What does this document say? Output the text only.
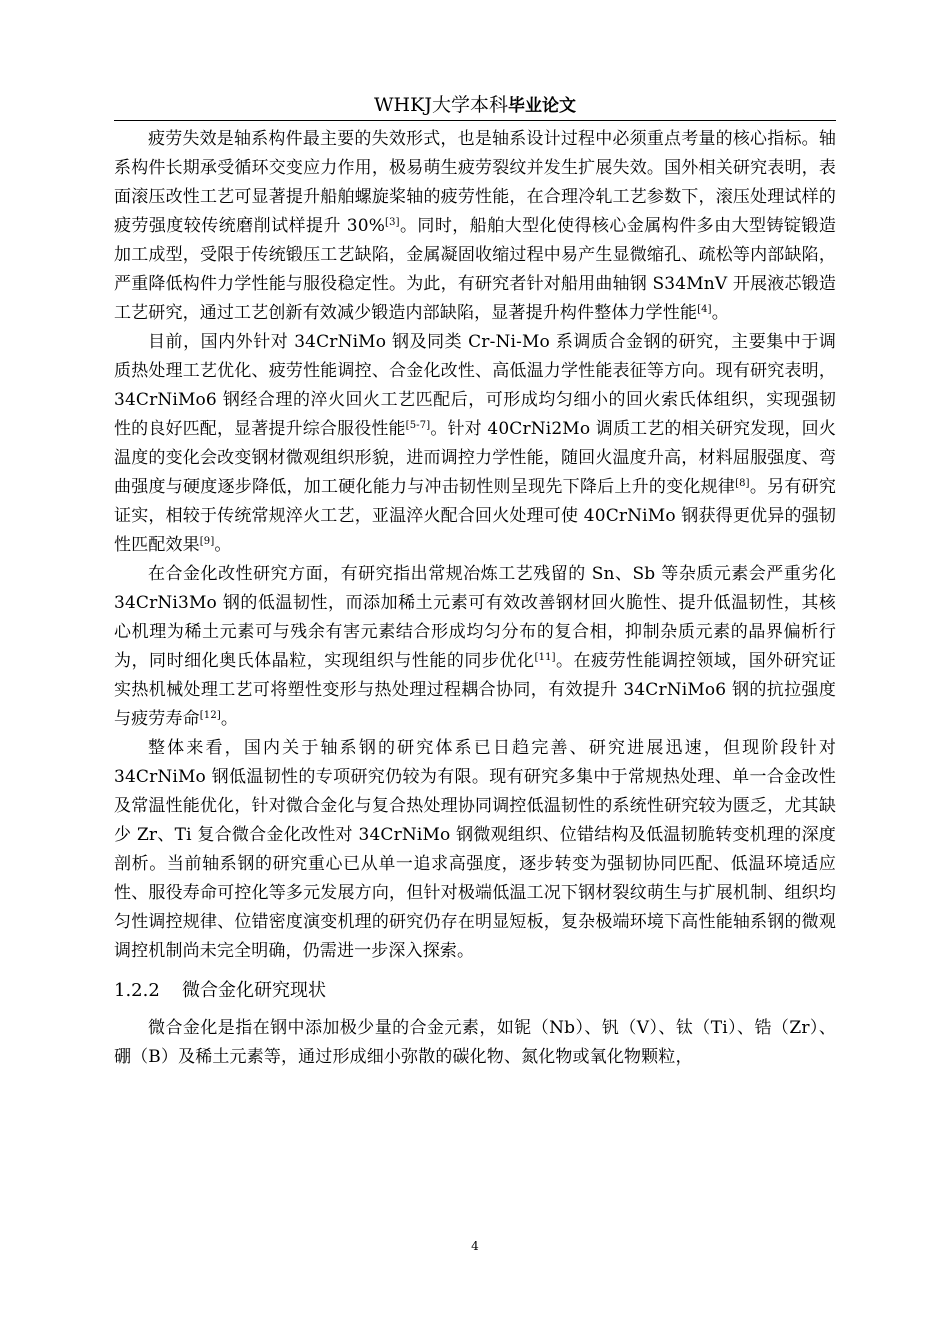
WHKJ大学本科毕业论文

疲劳失效是轴系构件最主要的失效形式，也是轴系设计过程中必须重点考量的核心指标。轴系构件长期承受循环交变应力作用，极易萌生疲劳裂纹并发生扩展失效。国外相关研究表明，表面滚压改性工艺可显著提升船舶螺旋桨轴的疲劳性能，在合理冷轧工艺参数下，滚压处理试样的疲劳强度较传统磨削试样提升 30%[3]。同时，船舶大型化使得核心金属构件多由大型铸锭锻造加工成型，受限于传统锻压工艺缺陷，金属凝固收缩过程中易产生显微缩孔、疏松等内部缺陷，严重降低构件力学性能与服役稳定性。为此，有研究者针对船用曲轴钢 S34MnV 开展液芯锻造工艺研究，通过工艺创新有效减少锻造内部缺陷，显著提升构件整体力学性能[4]。

目前，国内外针对 34CrNiMo 钢及同类 Cr-Ni-Mo 系调质合金钢的研究，主要集中于调质热处理工艺优化、疲劳性能调控、合金化改性、高低温力学性能表征等方向。现有研究表明，34CrNiMo6 钢经合理的淬火回火工艺匹配后，可形成均匀细小的回火索氏体组织，实现强韧性的良好匹配，显著提升综合服役性能[5-7]。针对 40CrNi2Mo 调质工艺的相关研究发现，回火温度的变化会改变钢材微观组织形貌，进而调控力学性能，随回火温度升高，材料屈服强度、弯曲强度与硬度逐步降低，加工硬化能力与冲击韧性则呈现先下降后上升的变化规律[8]。另有研究证实，相较于传统常规淬火工艺，亚温淬火配合回火处理可使 40CrNiMo 钢获得更优异的强韧性匹配效果[9]。

在合金化改性研究方面，有研究指出常规冶炼工艺残留的 Sn、Sb 等杂质元素会严重劣化 34CrNi3Mo 钢的低温韧性，而添加稀土元素可有效改善钢材回火脆性、提升低温韧性，其核心机理为稀土元素可与残余有害元素结合形成均匀分布的复合相，抑制杂质元素的晶界偏析行为，同时细化奥氏体晶粒，实现组织与性能的同步优化[11]。在疲劳性能调控领域，国外研究证实热机械处理工艺可将塑性变形与热处理过程耦合协同，有效提升 34CrNiMo6 钢的抗拉强度与疲劳寿命[12]。

整体来看，国内关于轴系钢的研究体系已日趋完善、研究进展迅速，但现阶段针对 34CrNiMo 钢低温韧性的专项研究仍较为有限。现有研究多集中于常规热处理、单一合金改性及常温性能优化，针对微合金化与复合热处理协同调控低温韧性的系统性研究较为匮乏，尤其缺少 Zr、Ti 复合微合金化改性对 34CrNiMo 钢微观组织、位错结构及低温韧脆转变机理的深度剖析。当前轴系钢的研究重心已从单一追求高强度，逐步转变为强韧协同匹配、低温环境适应性、服役寿命可控化等多元发展方向，但针对极端低温工况下钢材裂纹萌生与扩展机制、组织均匀性调控规律、位错密度演变机理的研究仍存在明显短板，复杂极端环境下高性能轴系钢的微观调控机制尚未完全明确，仍需进一步深入探索。

1.2.2 微合金化研究现状

微合金化是指在钢中添加极少量的合金元素，如铌（Nb）、钒（V）、钛（Ti）、锆（Zr）、硼（B）及稀土元素等，通过形成细小弥散的碳化物、氮化物或氧化物颗粒，

4
